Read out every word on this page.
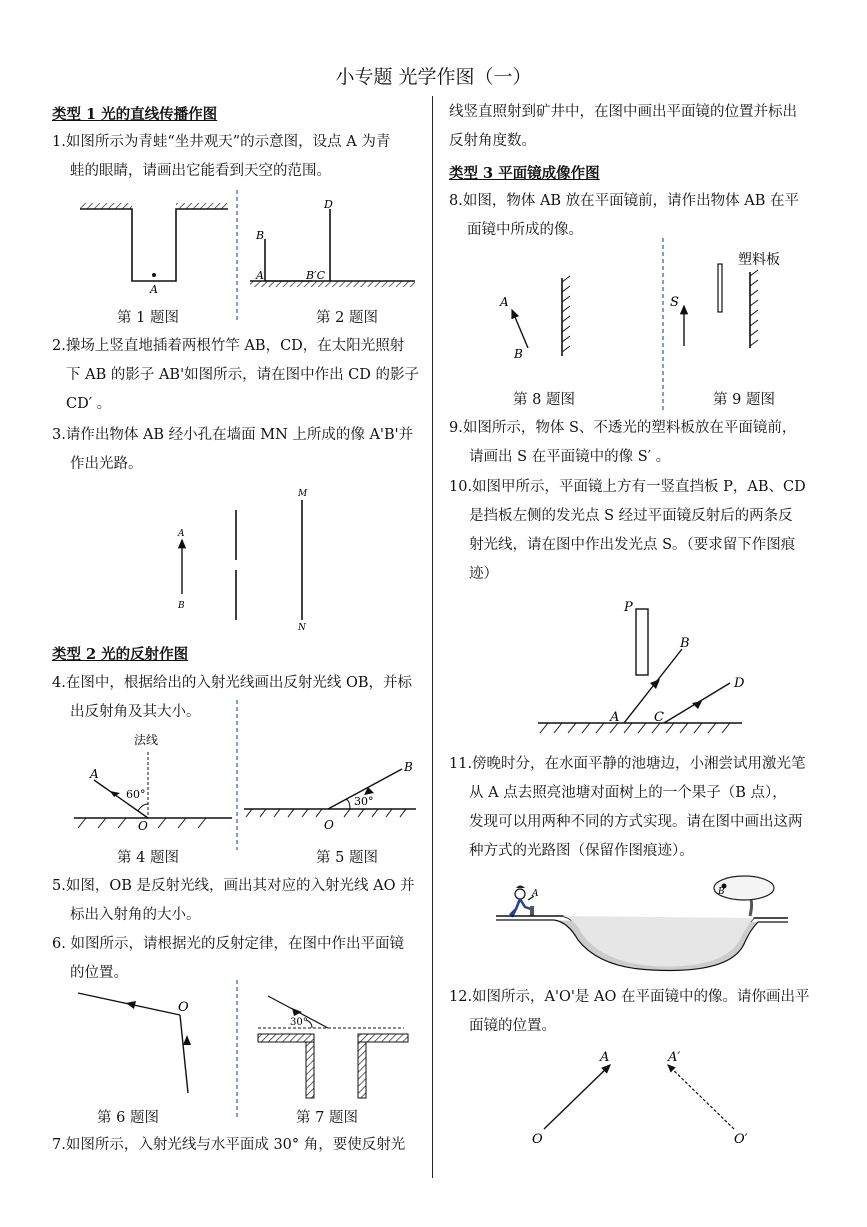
小专题 光学作图（一）
类型 1 光的直线传播作图
1.如图所示为青蛙“坐井观天”的示意图，设点 A 为青
蛙的眼睛，请画出它能看到天空的范围。
A
第 1 题图
B
A
D
B′C
第 2 题图
2.操场上竖直地插着两根竹竿 AB，CD，在太阳光照射
下 AB 的影子 AB'如图所示，请在图中作出 CD 的影子
CD′ 。
3.请作出物体 AB 经小孔在墙面 MN 上所成的像 A'B'并
作出光路。
A
B
M
N
类型 2 光的反射作图
4.在图中，根据给出的入射光线画出反射光线 OB，并标
出反射角及其大小。
法线
A
60°
O
第 4 题图
30°
B
O
第 5 题图
5.如图，OB 是反射光线，画出其对应的入射光线 AO 并
标出入射角的大小。
6. 如图所示，请根据光的反射定律，在图中作出平面镜
的位置。
O
第 6 题图
30°
第 7 题图
7.如图所示，入射光线与水平面成 30° 角，要使反射光
线竖直照射到矿井中，在图中画出平面镜的位置并标出
反射角度数。
类型 3 平面镜成像作图
8.如图，物体 AB 放在平面镜前，请作出物体 AB 在平
面镜中所成的像。
A
B
第 8 题图
塑料板
S
第 9 题图
9.如图所示，物体 S、不透光的塑料板放在平面镜前，
请画出 S 在平面镜中的像 S′ 。
10.如图甲所示，平面镜上方有一竖直挡板 P，AB、CD
是挡板左侧的发光点 S 经过平面镜反射后的两条反
射光线，请在图中作出发光点 S。（要求留下作图痕
迹）
P
B
D
A	C
11.傍晚时分，在水面平静的池塘边，小湘尝试用激光笔
从 A 点去照亮池塘对面树上的一个果子（B 点），
发现可以用两种不同的方式实现。请在图中画出这两
种方式的光路图（保留作图痕迹）。
A	B
12.如图所示，A'O'是 AO 在平面镜中的像。请你画出平
面镜的位置。
A	A′
O	O′
